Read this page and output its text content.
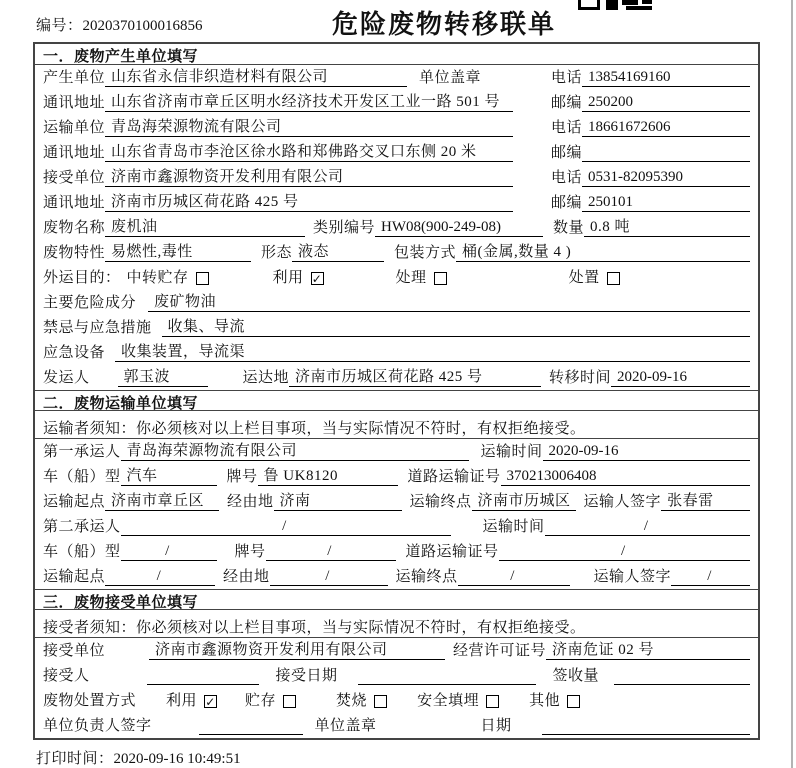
编号：2020370100016856	危险废物转移联单
一．废物产生单位填写
产生单位 山东省永信非织造材料有限公司	单位盖章	电话 13854169160
通讯地址 山东省济南市章丘区明水经济技术开发区工业一路 501 号	邮编 250200
运输单位 青岛海荣源物流有限公司	电话 18661672606
通讯地址 山东省青岛市李沧区徐水路和郑佛路交叉口东侧 20 米	邮编
接受单位 济南市鑫源物资开发利用有限公司	电话 0531-82095390
通讯地址 济南市历城区荷花路 425 号	邮编 250101
废物名称 废机油	类别编号 HW08(900-249-08)	数量 0.8 吨
废物特性 易燃性,毒性	形态 液态	包装方式 桶(金属,数量 4 )
外运目的： 中转贮存	利用 ✓	处理	处置
主要危险成分	废矿物油
禁忌与应急措施	收集、导流
应急设备	收集装置，导流渠
发运人	郭玉波	运达地 济南市历城区荷花路 425 号	转移时间 2020-09-16
二．废物运输单位填写
运输者须知：你必须核对以上栏目事项，当与实际情况不符时，有权拒绝接受。
第一承运人 青岛海荣源物流有限公司	运输时间 2020-09-16
车（船）型 汽车	牌号 鲁 UK8120	道路运输证号 370213006408
运输起点 济南市章丘区	经由地 济南	运输终点 济南市历城区 运输人签字 张春雷
第二承运人	/	运输时间	/
车（船）型	/	牌号	/	道路运输证号	/
运输起点	/	经由地	/	运输终点	/	运输人签字	/
三．废物接受单位填写
接受者须知：你必须核对以上栏目事项，当与实际情况不符时，有权拒绝接受。
接受单位	济南市鑫源物资开发利用有限公司	经营许可证号 济南危证 02 号
接受人	接受日期	签收量
废物处置方式 利用 ✓ 贮存	焚烧	安全填埋	其他
单位负责人签字	单位盖章	日期
打印时间：2020-09-16 10:49:51
